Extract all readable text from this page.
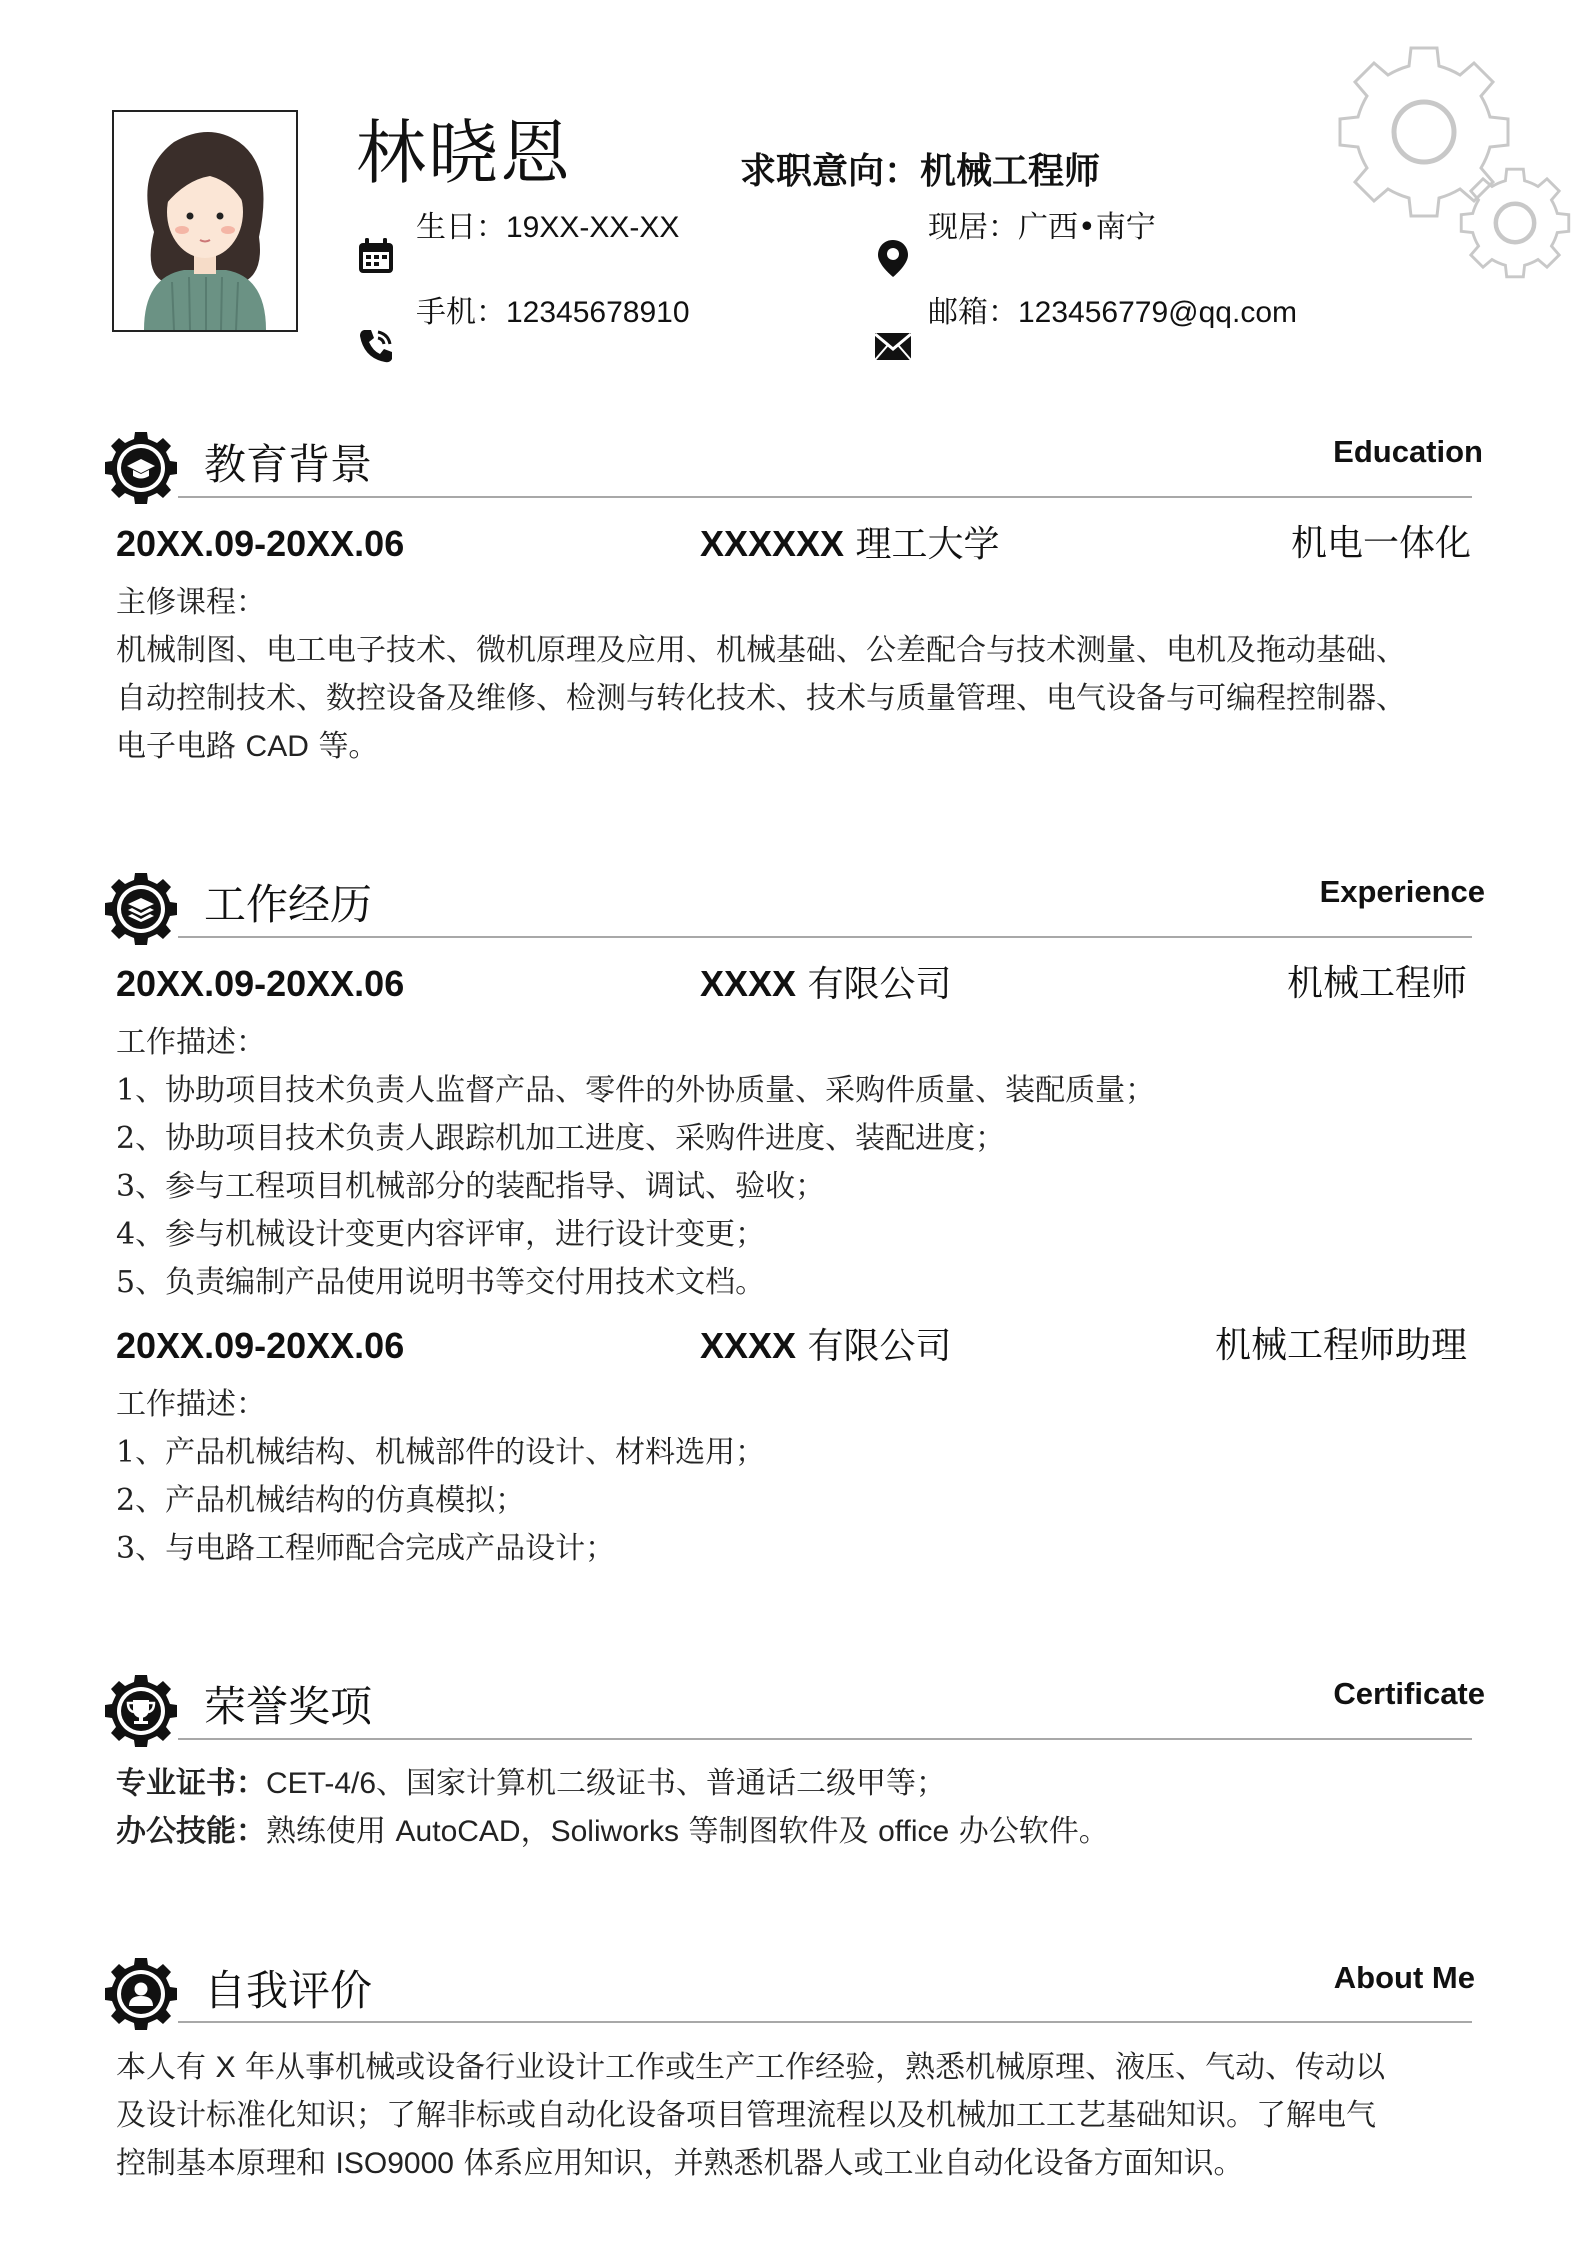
林晓恩	求职意向：机械工程师
生日：19XX-XX-XX	现居：广西•南宁
手机：12345678910	邮箱：123456779@qq.com
教育背景	Education
20XX.09-20XX.06	XXXXXX 理工大学	机电一体化
主修课程：
机械制图、电工电子技术、微机原理及应用、机械基础、公差配合与技术测量、电机及拖动基础、
自动控制技术、数控设备及维修、检测与转化技术、技术与质量管理、电气设备与可编程控制器、
电子电路 CAD 等。
工作经历	Experience
20XX.09-20XX.06	XXXX 有限公司	机械工程师
工作描述：
1、协助项目技术负责人监督产品、零件的外协质量、采购件质量、装配质量；
2、协助项目技术负责人跟踪机加工进度、采购件进度、装配进度；
3、参与工程项目机械部分的装配指导、调试、验收；
4、参与机械设计变更内容评审，进行设计变更；
5、负责编制产品使用说明书等交付用技术文档。
20XX.09-20XX.06	XXXX 有限公司	机械工程师助理
工作描述：
1、产品机械结构、机械部件的设计、材料选用；
2、产品机械结构的仿真模拟；
3、与电路工程师配合完成产品设计；
荣誉奖项	Certificate
专业证书：CET-4/6、国家计算机二级证书、普通话二级甲等；
办公技能：熟练使用 AutoCAD，Soliworks 等制图软件及 office 办公软件。
自我评价	About Me
本人有 X 年从事机械或设备行业设计工作或生产工作经验，熟悉机械原理、液压、气动、传动以
及设计标准化知识；了解非标或自动化设备项目管理流程以及机械加工工艺基础知识。了解电气
控制基本原理和 ISO9000 体系应用知识，并熟悉机器人或工业自动化设备方面知识。
